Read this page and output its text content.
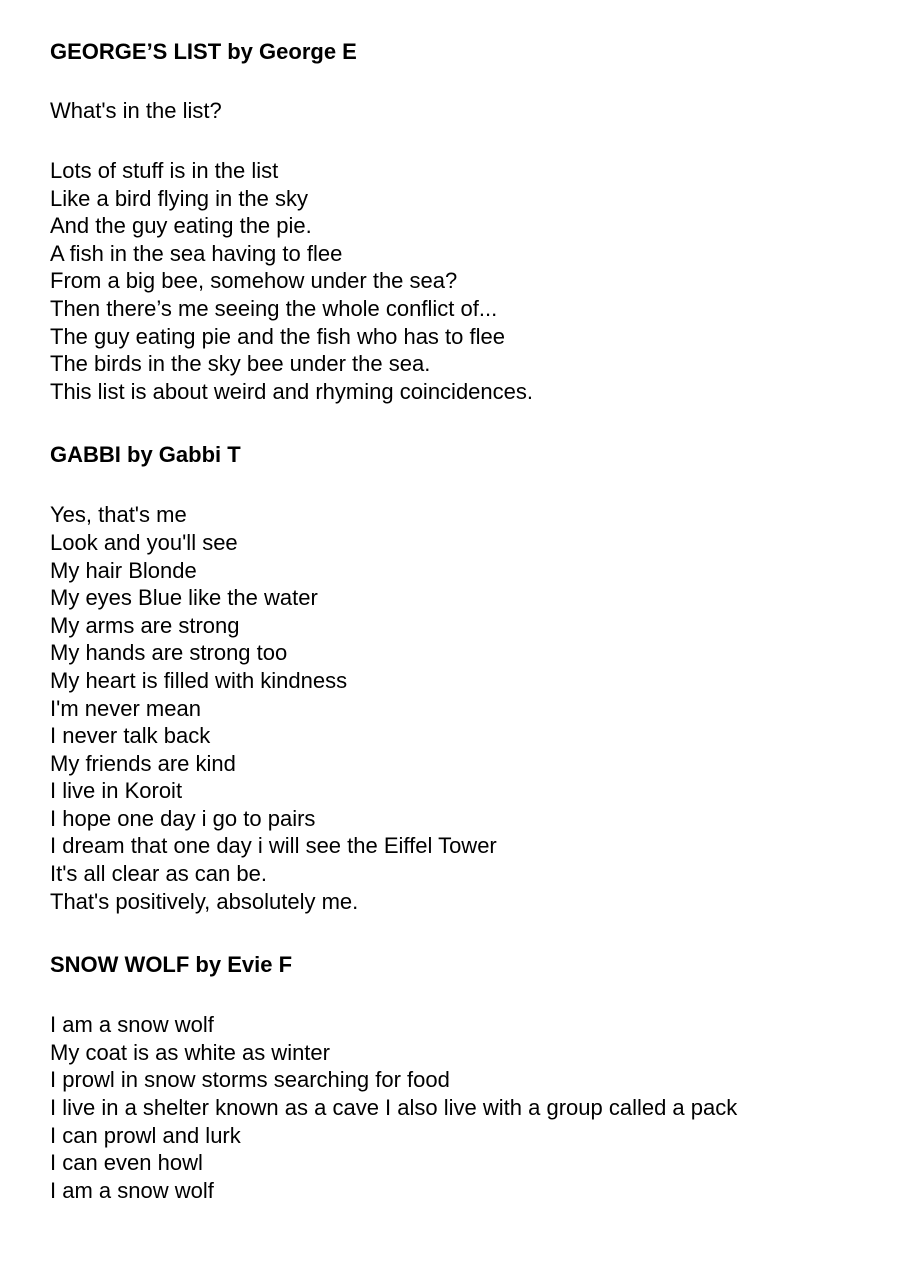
GEORGE’S LIST by George E

What's in the list?

Lots of stuff is in the list
Like a bird flying in the sky
And the guy eating the pie.
A fish in the sea having to flee
From a big bee, somehow under the sea?
Then there’s me seeing the whole conflict of...
The guy eating pie and the fish who has to flee
The birds in the sky bee under the sea.
This list is about weird and rhyming coincidences.
GABBI by Gabbi T
Yes, that's me
Look and you'll see
My hair Blonde
My eyes Blue like the water
My arms are strong
My hands are strong too
My heart is filled with kindness
I'm never mean
I never talk back
My friends are kind
I live in Koroit
I hope one day i go to pairs
I dream that one day i will see the Eiffel Tower
It's all clear as can be.
That's positively, absolutely me.
SNOW WOLF by Evie F
I am a snow wolf
My coat is as white as winter
I prowl in snow storms searching for food
I live in a shelter known as a cave I also live with a group called a pack
I can prowl and lurk
I can even howl
I am a snow wolf
